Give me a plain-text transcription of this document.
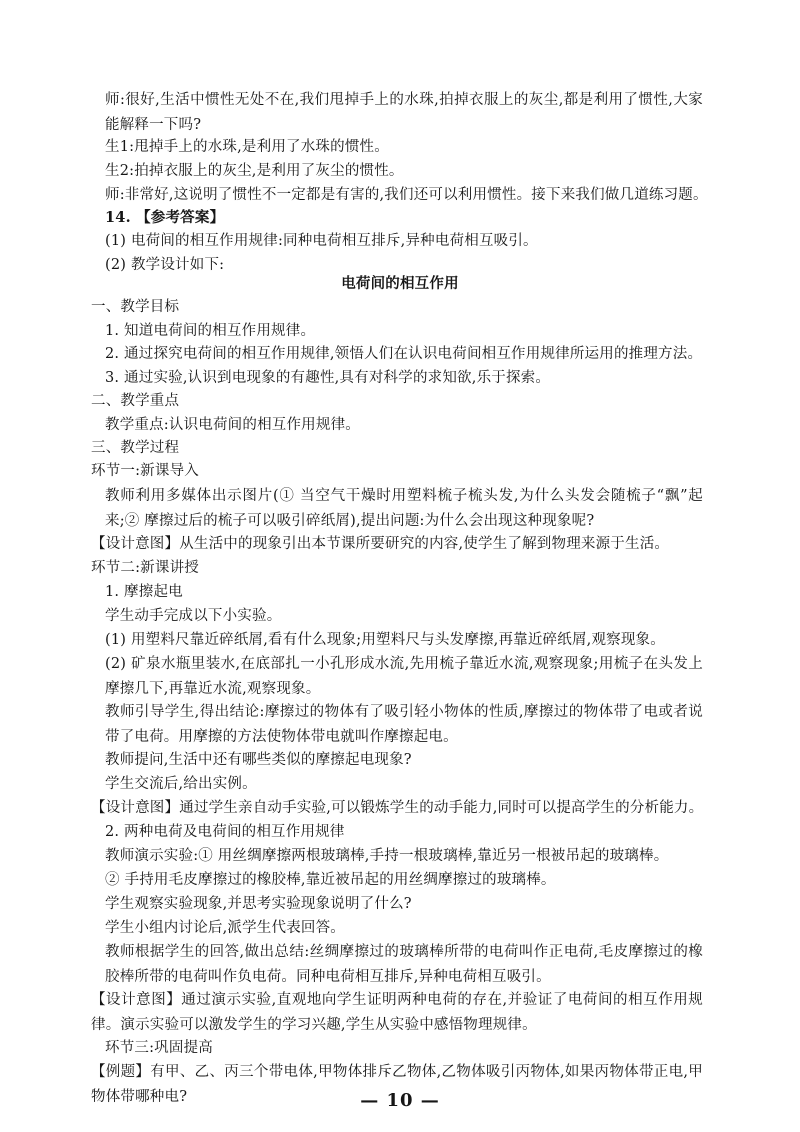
师:很好,生活中惯性无处不在,我们甩掉手上的水珠,拍掉衣服上的灰尘,都是利用了惯性,大家能解释一下吗?
生1:甩掉手上的水珠,是利用了水珠的惯性。
生2:拍掉衣服上的灰尘,是利用了灰尘的惯性。
师:非常好,这说明了惯性不一定都是有害的,我们还可以利用惯性。接下来我们做几道练习题。
14. 【参考答案】
(1) 电荷间的相互作用规律:同种电荷相互排斥,异种电荷相互吸引。
(2) 教学设计如下:
电荷间的相互作用
一、教学目标
1. 知道电荷间的相互作用规律。
2. 通过探究电荷间的相互作用规律,领悟人们在认识电荷间相互作用规律所运用的推理方法。
3. 通过实验,认识到电现象的有趣性,具有对科学的求知欲,乐于探索。
二、教学重点
教学重点:认识电荷间的相互作用规律。
三、教学过程
环节一:新课导入
教师利用多媒体出示图片(① 当空气干燥时用塑料梳子梳头发,为什么头发会随梳子“飘”起来;② 摩擦过后的梳子可以吸引碎纸屑),提出问题:为什么会出现这种现象呢?
【设计意图】从生活中的现象引出本节课所要研究的内容,使学生了解到物理来源于生活。
环节二:新课讲授
1. 摩擦起电
学生动手完成以下小实验。
(1) 用塑料尺靠近碎纸屑,看有什么现象;用塑料尺与头发摩擦,再靠近碎纸屑,观察现象。
(2) 矿泉水瓶里装水,在底部扎一小孔形成水流,先用梳子靠近水流,观察现象;用梳子在头发上摩擦几下,再靠近水流,观察现象。
教师引导学生,得出结论:摩擦过的物体有了吸引轻小物体的性质,摩擦过的物体带了电或者说带了电荷。用摩擦的方法使物体带电就叫作摩擦起电。
教师提问,生活中还有哪些类似的摩擦起电现象?
学生交流后,给出实例。
【设计意图】通过学生亲自动手实验,可以锻炼学生的动手能力,同时可以提高学生的分析能力。
2. 两种电荷及电荷间的相互作用规律
教师演示实验:① 用丝绸摩擦两根玻璃棒,手持一根玻璃棒,靠近另一根被吊起的玻璃棒。
② 手持用毛皮摩擦过的橡胶棒,靠近被吊起的用丝绸摩擦过的玻璃棒。
学生观察实验现象,并思考实验现象说明了什么?
学生小组内讨论后,派学生代表回答。
教师根据学生的回答,做出总结:丝绸摩擦过的玻璃棒所带的电荷叫作正电荷,毛皮摩擦过的橡胶棒所带的电荷叫作负电荷。同种电荷相互排斥,异种电荷相互吸引。
【设计意图】通过演示实验,直观地向学生证明两种电荷的存在,并验证了电荷间的相互作用规律。演示实验可以激发学生的学习兴趣,学生从实验中感悟物理规律。
环节三:巩固提高
【例题】有甲、乙、丙三个带电体,甲物体排斥乙物体,乙物体吸引丙物体,如果丙物体带正电,甲物体带哪种电?	— 10 —
